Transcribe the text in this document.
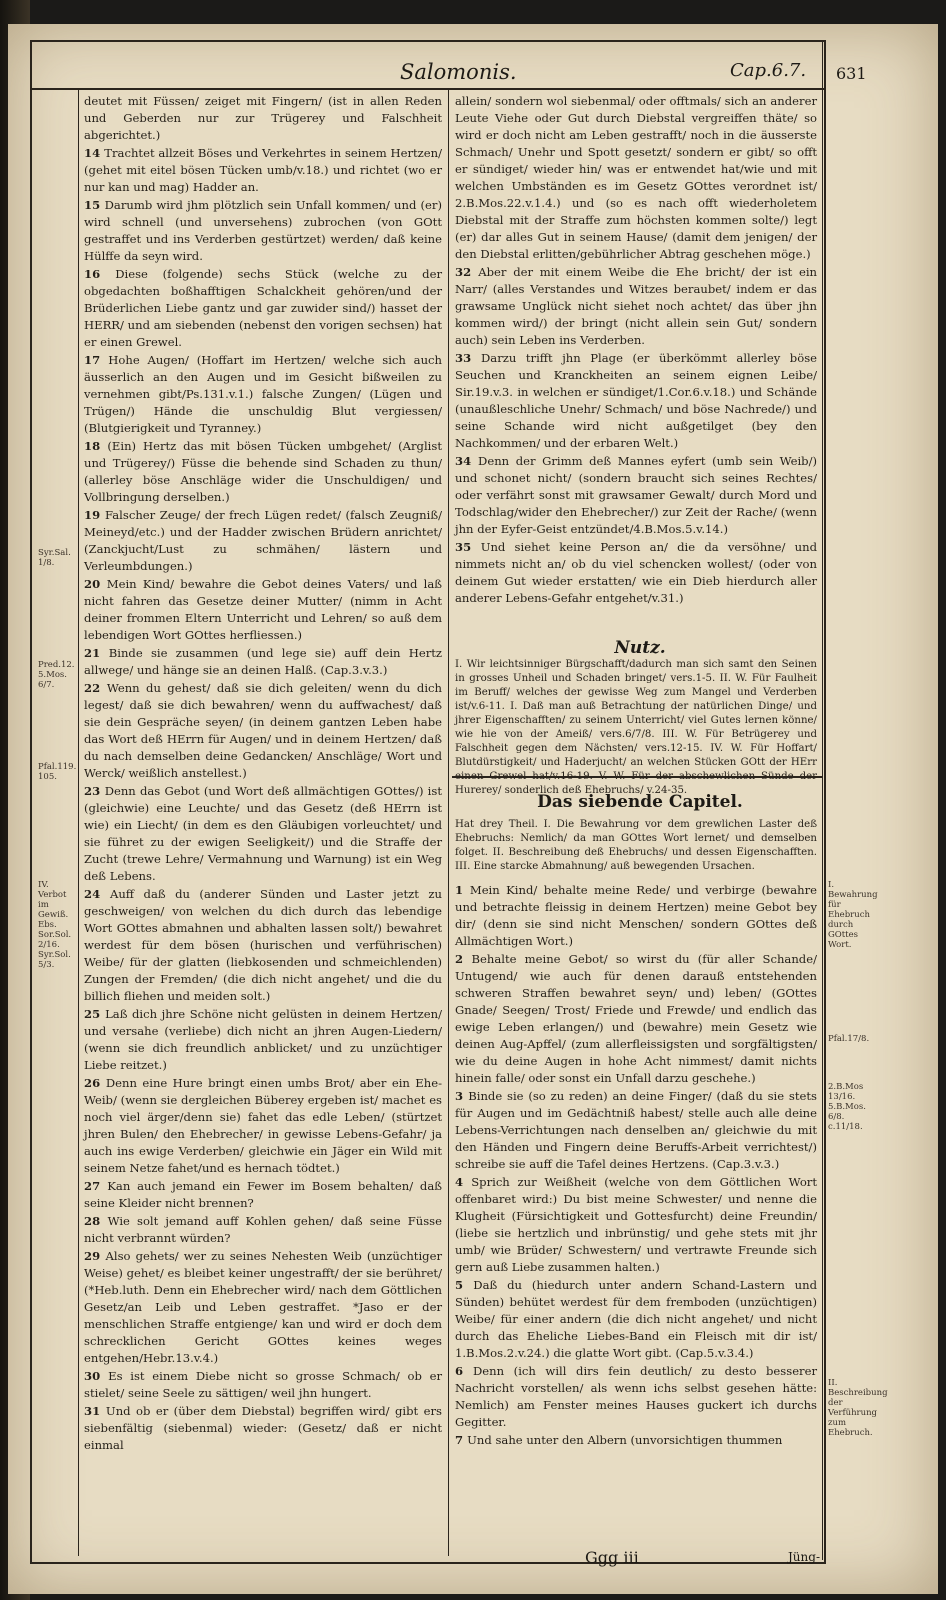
Salomonis.	Cap.6.7. 631

deutet mit Füssen/ zeiget mit Fingern/ (ist in allen Reden und Geberden nur zur Trügerey und Falschheit abgerichtet.)

14 Trachtet allzeit Böses und Verkehrtes in seinem Hertzen/ (gehet mit eitel bösen Tücken umb/v.18.) und richtet (wo er nur kan und mag) Hadder an.

15 Darumb wird jhm plötzlich sein Unfall kommen/ und (er) wird schnell (und unversehens) zubrochen (von GOtt gestraffet und ins Verderben gestürtzet) werden/ daß keine Hülffe da seyn wird.

16 Diese (folgende) sechs Stück (welche zu der obgedachten boßhafftigen Schalckheit gehören/und der Brüderlichen Liebe gantz und gar zuwider sind/) hasset der HERR/ und am siebenden (nebenst den vorigen sechsen) hat er einen Grewel.

17 Hohe Augen/ (Hoffart im Hertzen/ welche sich auch äusserlich an den Augen und im Gesicht bißweilen zu vernehmen gibt/Ps.131.v.1.) falsche Zungen/ (Lügen und Trügen/) Hände die unschuldig Blut vergiessen/ (Blutgierigkeit und Tyranney.)

18 (Ein) Hertz das mit bösen Tücken umbgehet/ (Arglist und Trügerey/) Füsse die behende sind Schaden zu thun/ (allerley böse Anschläge wider die Unschuldigen/ und Vollbringung derselben.)

19 Falscher Zeuge/ der frech Lügen redet/ (falsch Zeugniß/ Meineyd/etc.) und der Hadder zwischen Brüdern anrichtet/ (Zanckjucht/Lust zu schmähen/ lästern und Verleumbdungen.)

20 Mein Kind/ bewahre die Gebot deines Vaters/ und laß nicht fahren das Gesetze deiner Mutter/ (nimm in Acht deiner frommen Eltern Unterricht und Lehren/ so auß dem lebendigen Wort GOttes herfliessen.)

21 Binde sie zusammen (und lege sie) auff dein Hertz allwege/ und hänge sie an deinen Halß. (Cap.3.v.3.)

22 Wenn du gehest/ daß sie dich geleiten/ wenn du dich legest/ daß sie dich bewahren/ wenn du auffwachest/ daß sie dein Gespräche seyen/ (in deinem gantzen Leben habe das Wort deß HErrn für Augen/ und in deinem Hertzen/ daß du nach demselben deine Gedancken/ Anschläge/ Wort und Werck/ weißlich anstellest.)

23 Denn das Gebot (und Wort deß allmächtigen GOttes/) ist (gleichwie) eine Leuchte/ und das Gesetz (deß HErrn ist wie) ein Liecht/ (in dem es den Gläubigen vorleuchtet/ und sie führet zu der ewigen Seeligkeit/) und die Straffe der Zucht (trewe Lehre/ Vermahnung und Warnung) ist ein Weg deß Lebens.

24 Auff daß du (anderer Sünden und Laster jetzt zu geschweigen/ von welchen du dich durch das lebendige Wort GOttes abmahnen und abhalten lassen solt/) bewahret werdest für dem bösen (hurischen und verführischen) Weibe/ für der glatten (liebkosenden und schmeichlenden) Zungen der Fremden/ (die dich nicht angehet/ und die du billich fliehen und meiden solt.)

25 Laß dich jhre Schöne nicht gelüsten in deinem Hertzen/ und versahe (verliebe) dich nicht an jhren Augen-Liedern/ (wenn sie dich freundlich anblicket/ und zu unzüchtiger Liebe reitzet.)

26 Denn eine Hure bringt einen umbs Brot/ aber ein Ehe-Weib/ (wenn sie dergleichen Büberey ergeben ist/ machet es noch viel ärger/denn sie) fahet das edle Leben/ (stürtzet jhren Bulen/ den Ehebrecher/ in gewisse Lebens-Gefahr/ ja auch ins ewige Verderben/ gleichwie ein Jäger ein Wild mit seinem Netze fahet/und es hernach tödtet.)

27 Kan auch jemand ein Fewer im Bosem behalten/ daß seine Kleider nicht brennen?

28 Wie solt jemand auff Kohlen gehen/ daß seine Füsse nicht verbrannt würden?

29 Also gehets/ wer zu seines Nehesten Weib (unzüchtiger Weise) gehet/ es bleibet keiner ungestrafft/ der sie berühret/ (*Heb.luth. Denn ein Ehebrecher wird/ nach dem Göttlichen Gesetz/an Leib und Leben gestraffet. *Jaso er der menschlichen Straffe entgienge/ kan und wird er doch dem schrecklichen Gericht GOttes keines weges entgehen/Hebr.13.v.4.)

30 Es ist einem Diebe nicht so grosse Schmach/ ob er stielet/ seine Seele zu sättigen/ weil jhn hungert.

31 Und ob er (über dem Diebstal) begriffen wird/ gibt ers siebenfältig (siebenmal) wieder: (Gesetz/ daß er nicht einmal

allein/ sondern wol siebenmal/ oder offtmals/ sich an anderer Leute Viehe oder Gut durch Diebstal vergreiffen thäte/ so wird er doch nicht am Leben gestrafft/ noch in die äusserste Schmach/ Unehr und Spott gesetzt/ sondern er gibt/ so offt er sündiget/ wieder hin/ was er entwendet hat/wie und mit welchen Umbständen es im Gesetz GOttes verordnet ist/ 2.B.Mos.22.v.1.4.) und (so es nach offt wiederholetem Diebstal mit der Straffe zum höchsten kommen solte/) legt (er) dar alles Gut in seinem Hause/ (damit dem jenigen/ der den Diebstal erlitten/gebührlicher Abtrag geschehen möge.)

32 Aber der mit einem Weibe die Ehe bricht/ der ist ein Narr/ (alles Verstandes und Witzes beraubet/ indem er das grawsame Unglück nicht siehet noch achtet/ das über jhn kommen wird/) der bringt (nicht allein sein Gut/ sondern auch) sein Leben ins Verderben.

33 Darzu trifft jhn Plage (er überkömmt allerley böse Seuchen und Kranckheiten an seinem eignen Leibe/ Sir.19.v.3. in welchen er sündiget/1.Cor.6.v.18.) und Schände (unaußleschliche Unehr/ Schmach/ und böse Nachrede/) und seine Schande wird nicht außgetilget (bey den Nachkommen/ und der erbaren Welt.)

34 Denn der Grimm deß Mannes eyfert (umb sein Weib/) und schonet nicht/ (sondern braucht sich seines Rechtes/ oder verfährt sonst mit grawsamer Gewalt/ durch Mord und Todschlag/wider den Ehebrecher/) zur Zeit der Rache/ (wenn jhn der Eyfer-Geist entzündet/4.B.Mos.5.v.14.)

35 Und siehet keine Person an/ die da versöhne/ und nimmets nicht an/ ob du viel schencken wollest/ (oder von deinem Gut wieder erstatten/ wie ein Dieb hierdurch aller anderer Lebens-Gefahr entgehet/v.31.)

Nutz.
I. Wir leichtsinniger Bürgschafft/dadurch man sich samt den Seinen in grosses Unheil und Schaden bringet/ vers.1-5. II. W. Für Faulheit im Beruff/ welches der gewisse Weg zum Mangel und Verderben ist/v.6-11. I. Daß man auß Betrachtung der natürlichen Dinge/ und jhrer Eigenschafften/ zu seinem Unterricht/ viel Gutes lernen könne/ wie hie von der Ameiß/ vers.6/7/8. III. W. Für Betrügerey und Falschheit gegen dem Nächsten/ vers.12-15. IV. W. Für Hoffart/ Blutdürstigkeit/ und Haderjucht/ an welchen Stücken GOtt der HErr einen Grewel hat/v.16-19. V. W. Für der abschewlichen Sünde der Hurerey/ sonderlich deß Ehebruchs/ v.24-35.
Das siebende Capitel.
Hat drey Theil. I. Die Bewahrung vor dem grewlichen Laster deß Ehebruchs: Nemlich/ da man GOttes Wort lernet/ und demselben folget. II. Beschreibung deß Ehebruchs/ und dessen Eigenschafften. III. Eine starcke Abmahnung/ auß bewegenden Ursachen.

1 Mein Kind/ behalte meine Rede/ und verbirge (bewahre und betrachte fleissig in deinem Hertzen) meine Gebot bey dir/ (denn sie sind nicht Menschen/ sondern GOttes deß Allmächtigen Wort.)

2 Behalte meine Gebot/ so wirst du (für aller Schande/ Untugend/ wie auch für denen darauß entstehenden schweren Straffen bewahret seyn/ und) leben/ (GOttes Gnade/ Seegen/ Trost/ Friede und Frewde/ und endlich das ewige Leben erlangen/) und (bewahre) mein Gesetz wie deinen Aug-Apffel/ (zum allerfleissigsten und sorgfältigsten/ wie du deine Augen in hohe Acht nimmest/ damit nichts hinein falle/ oder sonst ein Unfall darzu geschehe.)

3 Binde sie (so zu reden) an deine Finger/ (daß du sie stets für Augen und im Gedächtniß habest/ stelle auch alle deine Lebens-Verrichtungen nach denselben an/ gleichwie du mit den Händen und Fingern deine Beruffs-Arbeit verrichtest/) schreibe sie auff die Tafel deines Hertzens. (Cap.3.v.3.)

4 Sprich zur Weißheit (welche von dem Göttlichen Wort offenbaret wird:) Du bist meine Schwester/ und nenne die Klugheit (Fürsichtigkeit und Gottesfurcht) deine Freundin/ (liebe sie hertzlich und inbrünstig/ und gehe stets mit jhr umb/ wie Brüder/ Schwestern/ und vertrawte Freunde sich gern auß Liebe zusammen halten.)

5 Daß du (hiedurch unter andern Schand-Lastern und Sünden) behütet werdest für dem fremboden (unzüchtigen) Weibe/ für einer andern (die dich nicht angehet/ und nicht durch das Eheliche Liebes-Band ein Fleisch mit dir ist/ 1.B.Mos.2.v.24.) die glatte Wort gibt. (Cap.5.v.3.4.)

6 Denn (ich will dirs fein deutlich/ zu desto besserer Nachricht vorstellen/ als wenn ichs selbst gesehen hätte: Nemlich) am Fenster meines Hauses guckert ich durchs Gegitter.

7 Und sahe unter den Albern (unvorsichtigen thummen

Syr.Sal. 1/8.
Pred.12. 5.Mos. 6/7.
Pfal.119. 105.
IV. Verbot im Gewiß. Ebs. Sor.Sol. 2/16. Syr.Sol. 5/3.
I. Bewahrung für Ehebruch durch GOttes Wort.
Pfal.17/8.
2.B.Mos 13/16. 5.B.Mos. 6/8. c.11/18.
II. Beschreibung der Verführung zum Ehebruch.
Ggg iii	Jüng-
